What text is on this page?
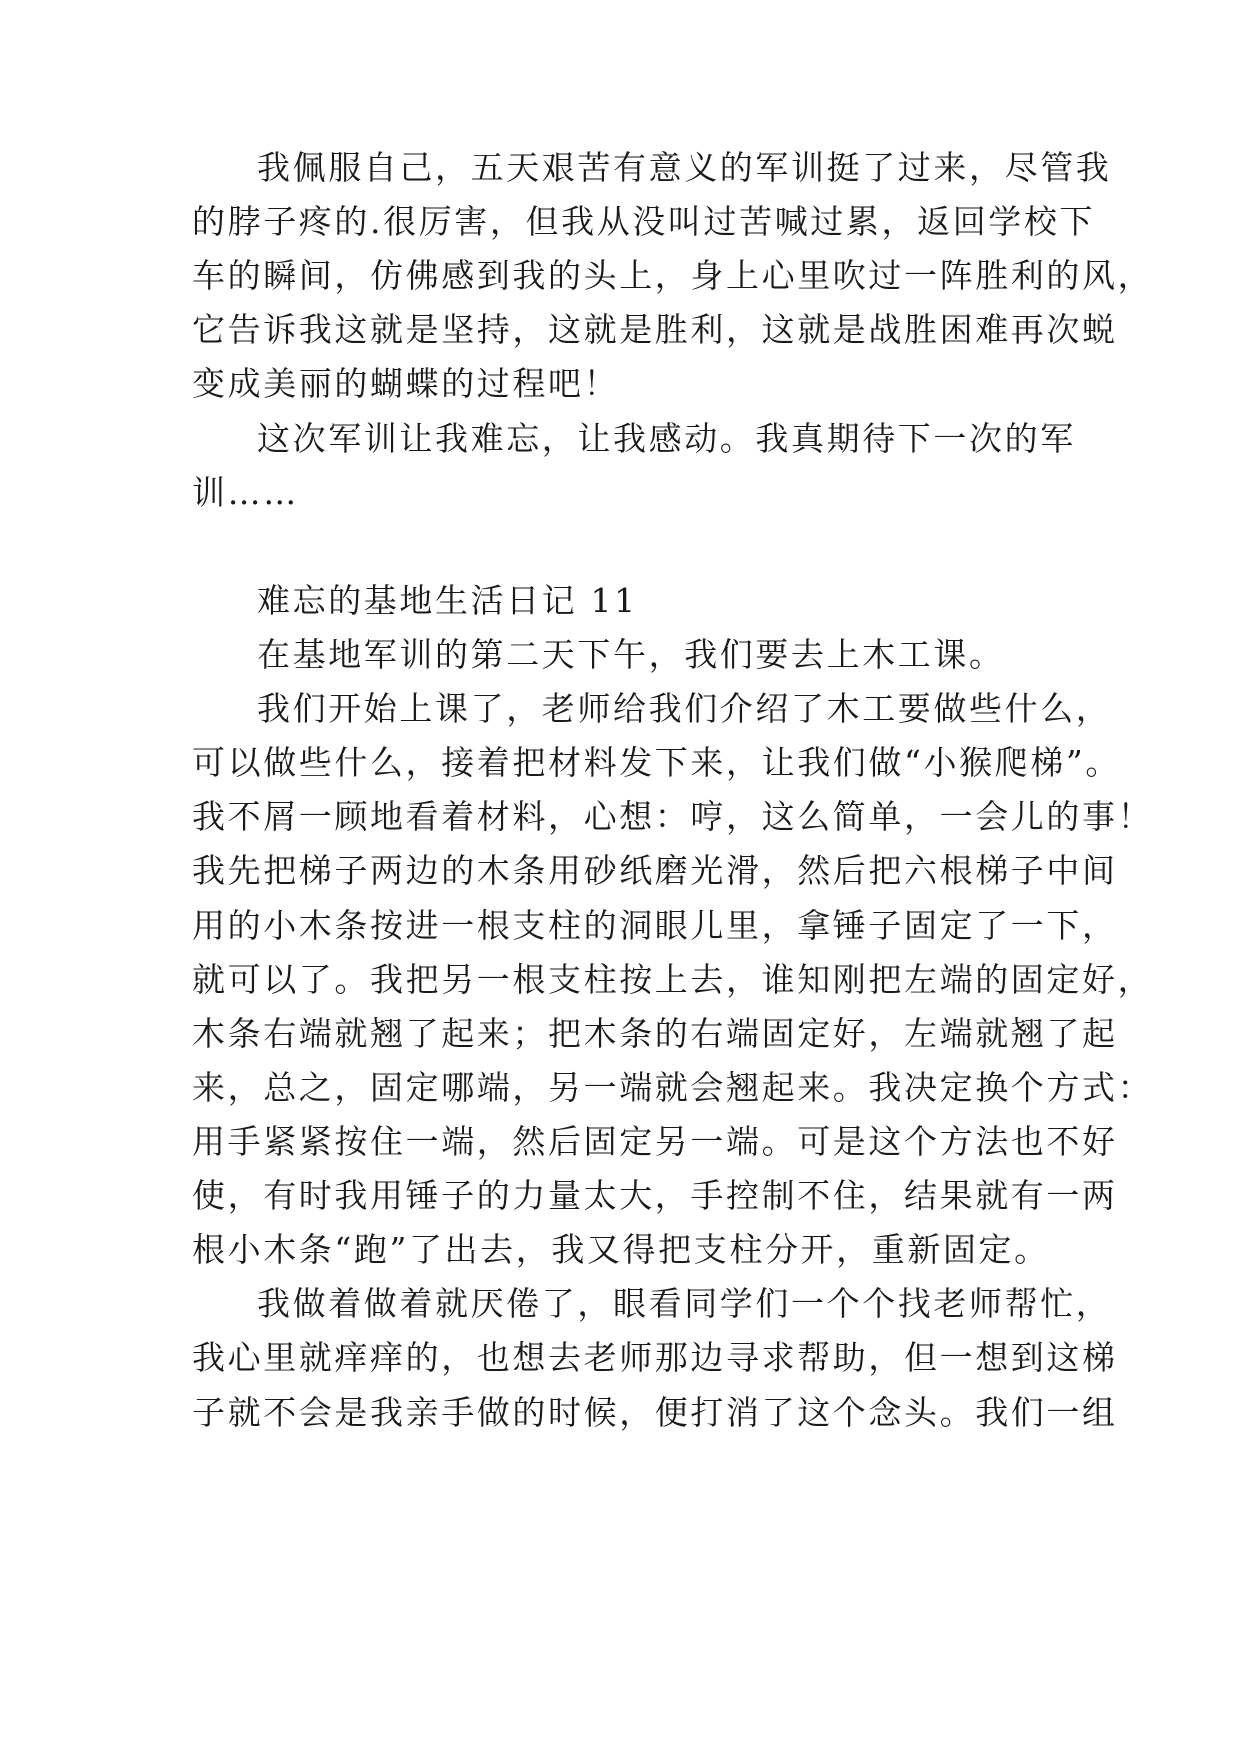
我佩服自己，五天艰苦有意义的军训挺了过来，尽管我
的脖子疼的.很厉害，但我从没叫过苦喊过累，返回学校下
车的瞬间，仿佛感到我的头上，身上心里吹过一阵胜利的风，
它告诉我这就是坚持，这就是胜利，这就是战胜困难再次蜕
变成美丽的蝴蝶的过程吧！
这次军训让我难忘，让我感动。我真期待下一次的军
训……
难忘的基地生活日记 11
在基地军训的第二天下午，我们要去上木工课。
我们开始上课了，老师给我们介绍了木工要做些什么，
可以做些什么，接着把材料发下来，让我们做“小猴爬梯”。
我不屑一顾地看着材料，心想：哼，这么简单，一会儿的事！
我先把梯子两边的木条用砂纸磨光滑，然后把六根梯子中间
用的小木条按进一根支柱的洞眼儿里，拿锤子固定了一下，
就可以了。我把另一根支柱按上去，谁知刚把左端的固定好，
木条右端就翘了起来；把木条的右端固定好，左端就翘了起
来，总之，固定哪端，另一端就会翘起来。我决定换个方式：
用手紧紧按住一端，然后固定另一端。可是这个方法也不好
使，有时我用锤子的力量太大，手控制不住，结果就有一两
根小木条“跑”了出去，我又得把支柱分开，重新固定。
我做着做着就厌倦了，眼看同学们一个个找老师帮忙，
我心里就痒痒的，也想去老师那边寻求帮助，但一想到这梯
子就不会是我亲手做的时候，便打消了这个念头。我们一组
